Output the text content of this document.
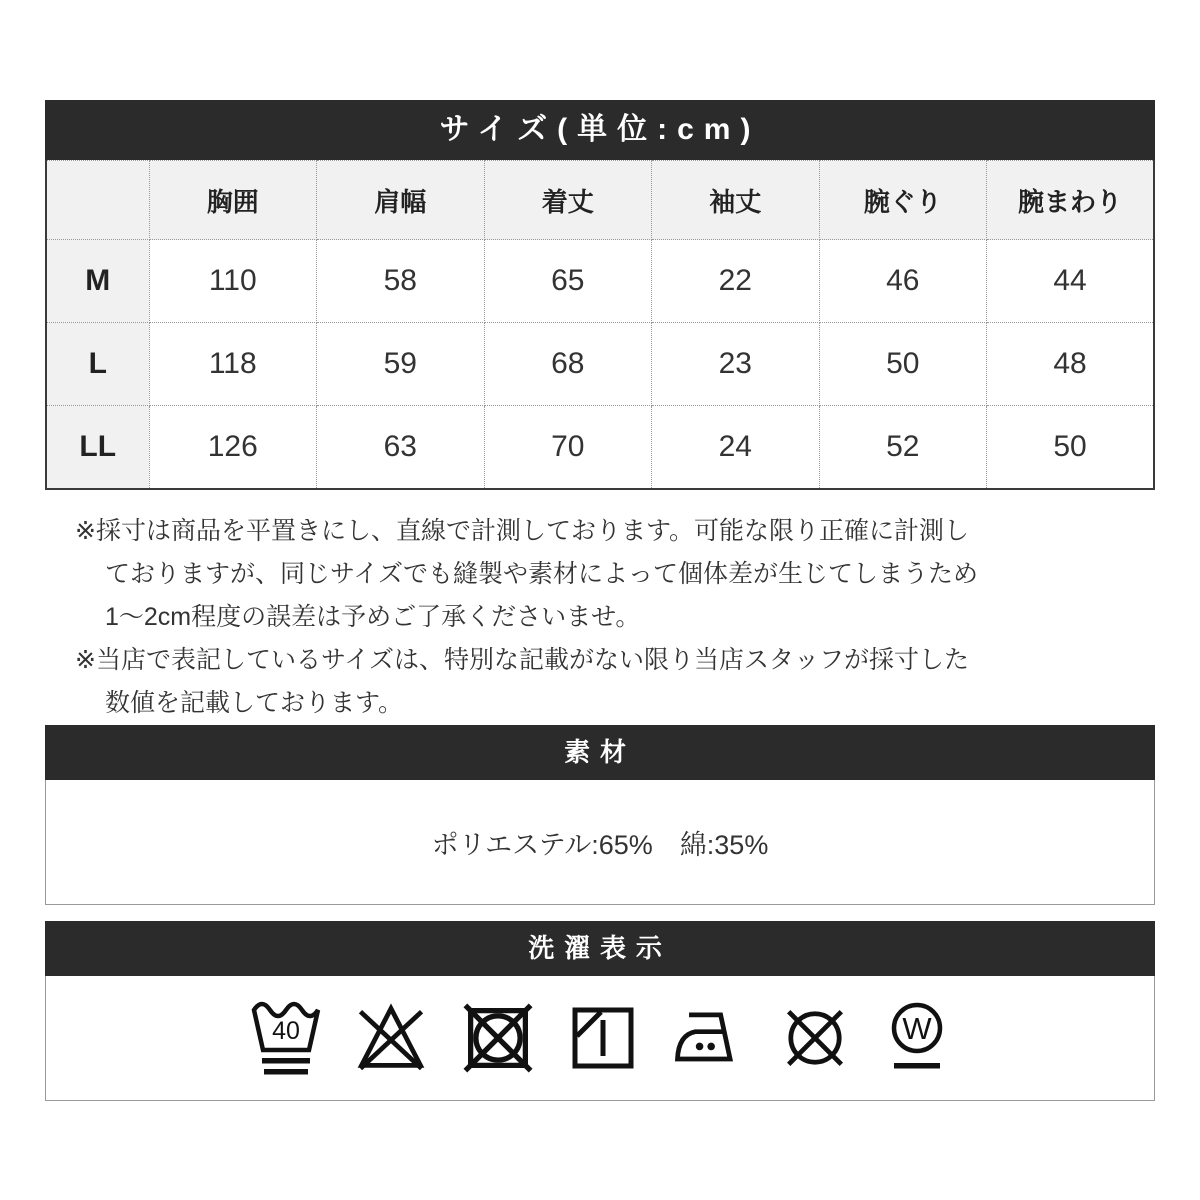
サイズ(単位:cm)
	胸囲	肩幅	着丈	袖丈	腕ぐり	腕まわり
M	110	58	65	22	46	44
L	118	59	68	23	50	48
LL	126	63	70	24	52	50
※採寸は商品を平置きにし、直線で計測しております。可能な限り正確に計測し
ておりますが、同じサイズでも縫製や素材によって個体差が生じてしまうため
1〜2cm程度の誤差は予めご了承くださいませ。
※当店で表記しているサイズは、特別な記載がない限り当店スタッフが採寸した
数値を記載しております。
素材
ポリエステル:65%　綿:35%
洗濯表示
40	W
